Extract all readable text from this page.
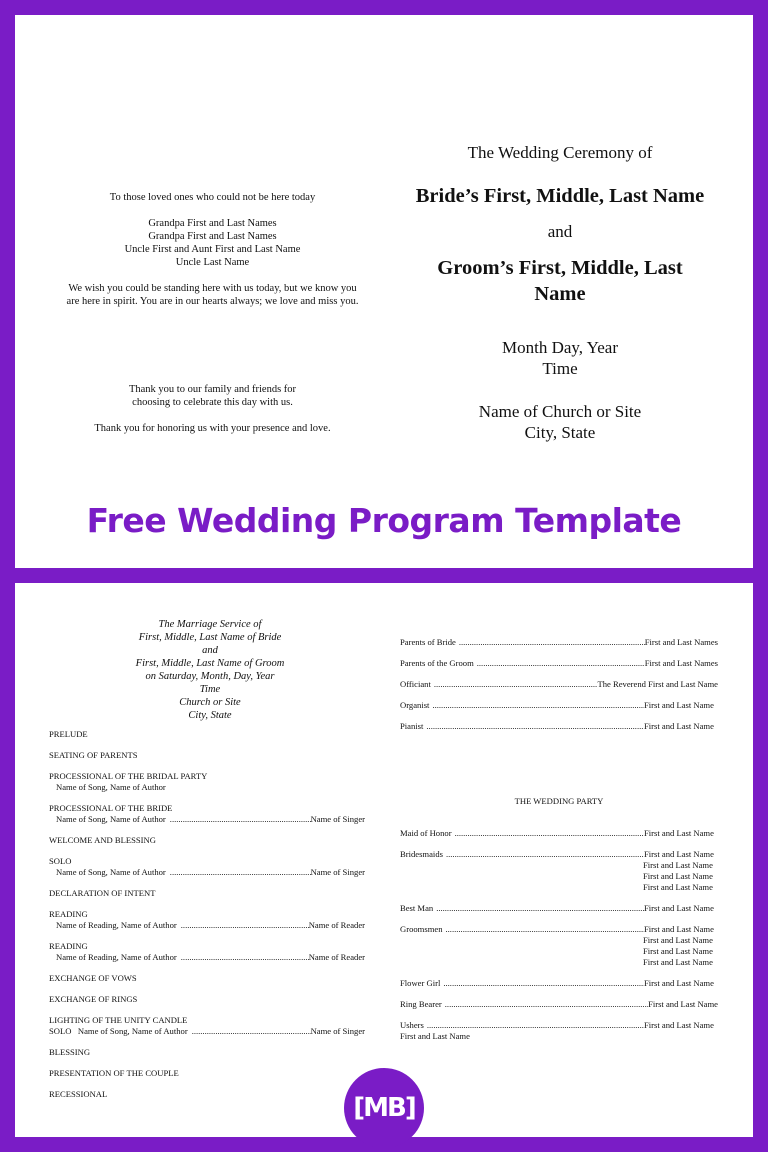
To those loved ones who could not be here today

Grandpa First and Last Names

Grandpa First and Last Names

Uncle First and Aunt First and Last Name

Uncle Last Name

We wish you could be standing here with us today, but we know you

are here in spirit. You are in our hearts always; we love and miss you.

Thank you to our family and friends for

choosing to celebrate this day with us.

Thank you for honoring us with your presence and love.

The Wedding Ceremony of
Bride’s First, Middle, Last Name
and
Groom’s First, Middle, Last
Name
Month Day, Year
Time
Name of Church or Site
City, State
Free Wedding Program Template
The Marriage Service of
First, Middle, Last Name of Bride
and
First, Middle, Last Name of Groom
on Saturday, Month, Day, Year
Time
Church or Site
City, State
PRELUDE
SEATING OF PARENTS
PROCESSIONAL OF THE BRIDAL PARTY
Name of Song, Name of Author
PROCESSIONAL OF THE BRIDE
Name of Song, Name of Author .....	Name of Singer
WELCOME AND BLESSING
SOLO
Name of Song, Name of Author .....	Name of Singer
DECLARATION OF INTENT
READING
Name of Reading, Name of Author .....	Name of Reader
READING
Name of Reading, Name of Author .....	Name of Reader
EXCHANGE OF VOWS
EXCHANGE OF RINGS
LIGHTING OF THE UNITY CANDLE
SOLO   Name of Song, Name of Author .....	Name of Singer
BLESSING
PRESENTATION OF THE COUPLE
RECESSIONAL
Parents of Bride .....	First and Last Names
Parents of the Groom .....	First and Last Names
Officiant .....	The Reverend First and Last Name
Organist .....	First and Last Name
Pianist .....	First and Last Name
THE WEDDING PARTY
Maid of Honor .....	First and Last Name
Bridesmaids .....	First and Last Name
First and Last Name
First and Last Name
First and Last Name
Best Man .....	First and Last Name
Groomsmen .....	First and Last Name
First and Last Name
First and Last Name
First and Last Name
Flower Girl .....	First and Last Name
Ring Bearer .....	First and Last Name
Ushers .....	First and Last Name
First and Last Name
[MB]
